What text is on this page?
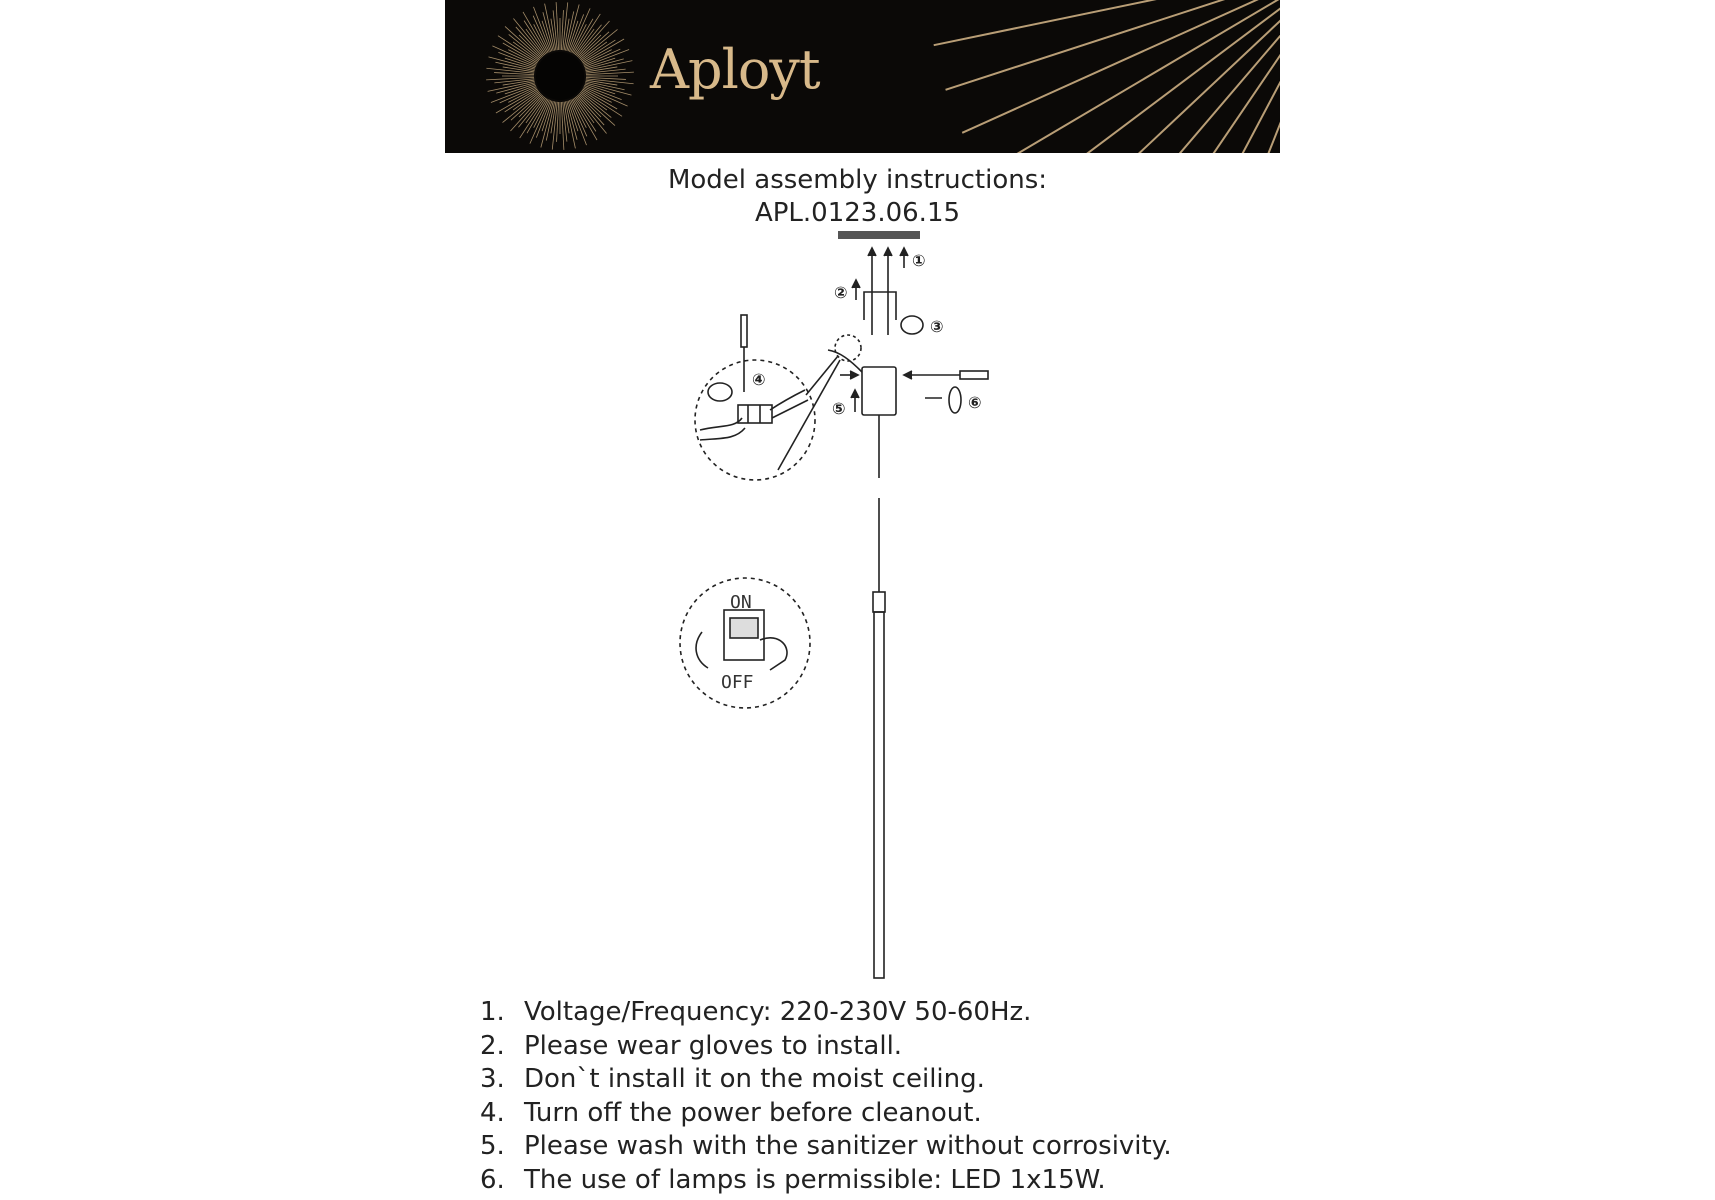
Aployt
Model assembly instructions:
APL.0123.06.15
①
②
③
④
⑤	⑥
ON
OFF
1. Voltage/Frequency: 220-230V 50-60Hz.
2. Please wear gloves to install.
3. Don`t install it on the moist ceiling.
4. Turn off the power before cleanout.
5. Please wash with the sanitizer without corrosivity.
6. The use of lamps is permissible: LED 1x15W.
